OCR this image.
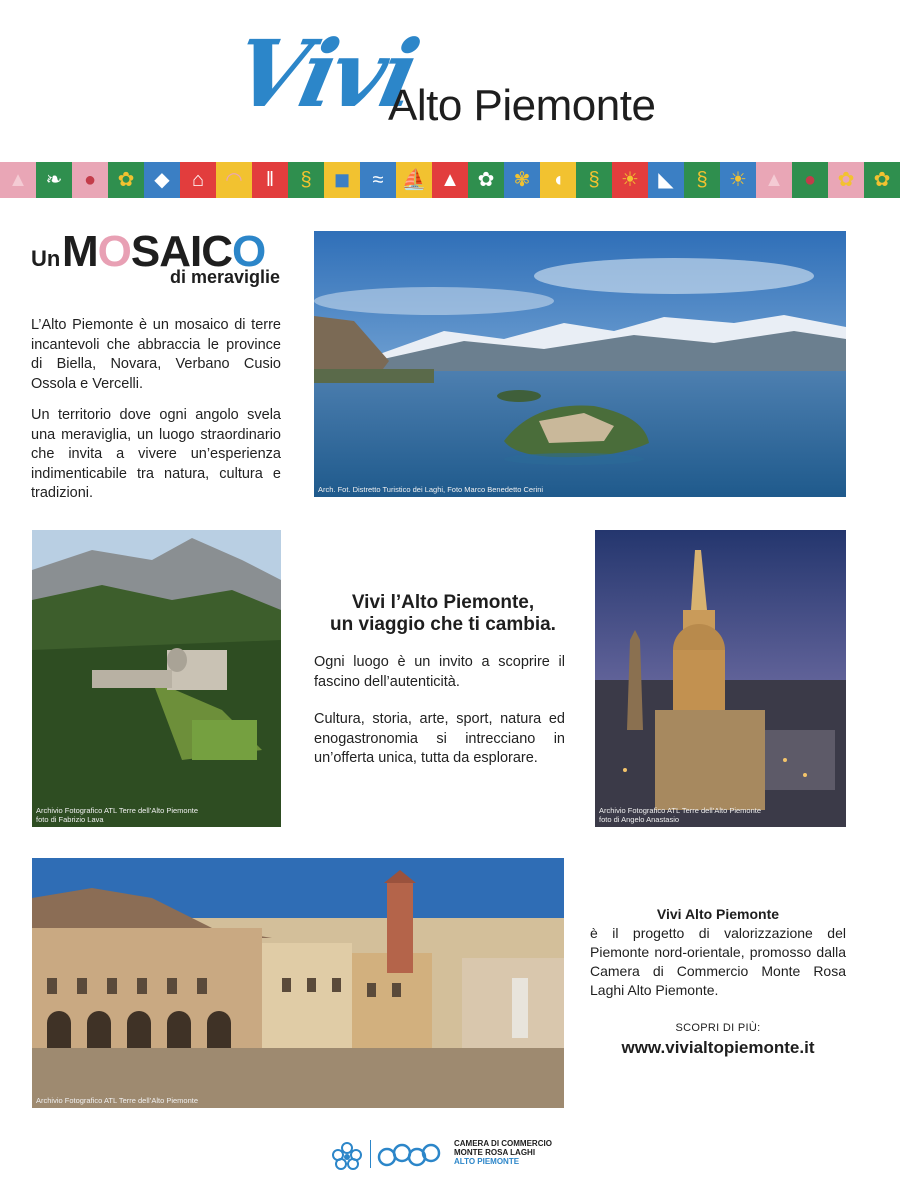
Vivi
Alto Piemonte
▲ ❧	●	✿ ◆	⌂	◠	‖	§	◼	≈ ⛵ ▲ ✿ ✾	◖	§	☀ ◣	§	☀ ▲	●	✿ ✿
Un MOSAICO
di meraviglie
L’Alto Piemonte è un mosaico di terre incantevoli che abbraccia le province di Biella, Novara, Verbano Cusio Ossola e Vercelli.
Un territorio dove ogni angolo svela una meraviglia, un luogo straordinario che invita a vivere un’esperienza indimenticabile tra natura, cultura e tradizioni.	Arch. Fot. Distretto Turistico dei Laghi, Foto Marco Benedetto Cerini
Archivio Fotografico ATL Terre dell’Alto Piemonte
foto di Fabrizio Lava
Vivi l’Alto Piemonte,
un viaggio che ti cambia.
Ogni luogo è un invito a scoprire il fascino dell’autenticità.
Cultura, storia, arte, sport, natura ed enogastronomia si intrecciano in un’offerta unica, tutta da esplorare.
Archivio Fotografico ATL Terre dell’Alto Piemonte
foto di Angelo Anastasio
Archivio Fotografico ATL Terre dell’Alto Piemonte
Vivi Alto Piemonte
è il progetto di valorizzazione del Piemonte nord-orientale, promosso dalla Camera di Commercio Monte Rosa Laghi Alto Piemonte.
SCOPRI DI PIÙ:
www.vivialtopiemonte.it
CAMERA DI COMMERCIO
MONTE ROSA LAGHI
ALTO PIEMONTE
